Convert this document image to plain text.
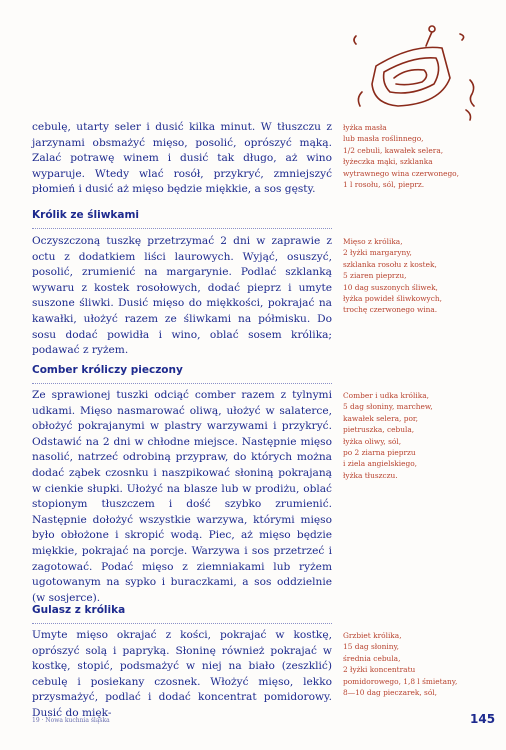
cebulę, utarty seler i dusić kilka minut. W tłuszczu z jarzynami obsmażyć mięso, posolić, oprószyć mąką. Zalać potrawę winem i dusić tak długo, aż wino wyparuje. Wtedy wlać rosół, przykryć, zmniejszyć płomień i dusić aż mięso będzie miękkie, a sos gęsty.

łyżka masła
lub masła roślinnego,
1/2 cebuli, kawałek selera,
łyżeczka mąki, szklanka
wytrawnego wina czerwonego,
1 l rosołu, sól, pieprz.
Królik ze śliwkami

Oczyszczoną tuszkę przetrzymać 2 dni w zaprawie z octu z dodatkiem liści laurowych. Wyjąć, osuszyć, posolić, zrumienić na margarynie. Podlać szklanką wywaru z kostek rosołowych, dodać pieprz i umyte suszone śliwki. Dusić mięso do miękkości, pokrajać na kawałki, ułożyć razem ze śliwkami na półmisku. Do sosu dodać powidła i wino, oblać sosem królika; podawać z ryżem.

Mięso z królika,
2 łyżki margaryny,
szklanka rosołu z kostek,
5 ziaren pieprzu,
10 dag suszonych śliwek,
łyżka powideł śliwkowych,
trochę czerwonego wina.
Comber króliczy pieczony

Ze sprawionej tuszki odciąć comber razem z tylnymi udkami. Mięso nasmarować oliwą, ułożyć w salaterce, obłożyć pokrajanymi w plastry warzywami i przykryć. Odstawić na 2 dni w chłodne miejsce. Następnie mięso nasolić, natrzeć odrobiną przypraw, do których można dodać ząbek czosnku i naszpikować słoniną pokrajaną w cienkie słupki. Ułożyć na blasze lub w prodiżu, oblać stopionym tłuszczem i dość szybko zrumienić. Następnie dołożyć wszystkie warzywa, którymi mięso było obłożone i skropić wodą. Piec, aż mięso będzie miękkie, pokrajać na porcje. Warzywa i sos przetrzeć i zagotować. Podać mięso z ziemniakami lub ryżem ugotowanym na sypko i buraczkami, a sos oddzielnie (w sosjerce).

Comber i udka królika,
5 dag słoniny, marchew,
kawałek selera, por,
pietruszka, cebula,
łyżka oliwy, sól,
po 2 ziarna pieprzu
i ziela angielskiego,
łyżka tłuszczu.
Gulasz z królika

Umyte mięso okrajać z kości, pokrajać w kostkę, oprószyć solą i papryką. Słoninę również pokrajać w kostkę, stopić, podsmażyć w niej na biało (zeszklić) cebulę i posiekany czosnek. Włożyć mięso, lekko przysmażyć, podlać i dodać koncentrat pomidorowy. Dusić do mięk-

Grzbiet królika,
15 dag słoniny,
średnia cebula,
2 łyżki koncentratu
pomidorowego, 1,8 l śmietany,
8—10 dag pieczarek, sól,
19 · Nowa kuchnia śląska	145
